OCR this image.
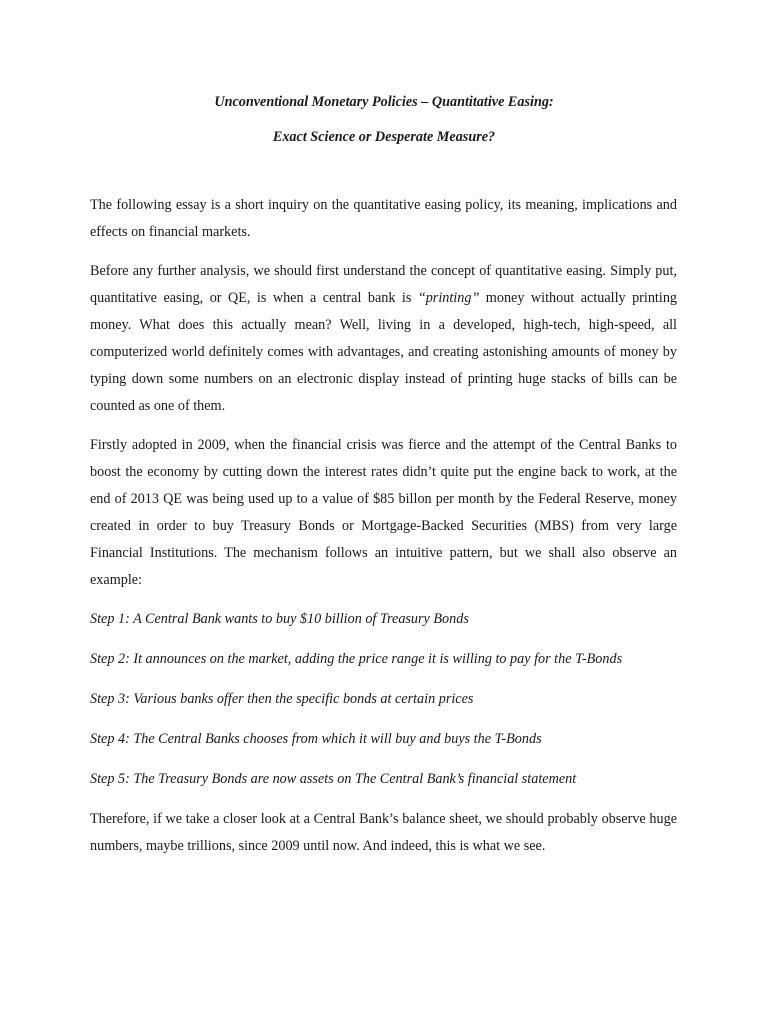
Unconventional Monetary Policies – Quantitative Easing:

Exact Science or Desperate Measure?

The following essay is a short inquiry on the quantitative easing policy, its meaning, implications and effects on financial markets.

Before any further analysis, we should first understand the concept of quantitative easing. Simply put, quantitative easing, or QE, is when a central bank is “printing” money without actually printing money. What does this actually mean? Well, living in a developed, high-tech, high-speed, all computerized world definitely comes with advantages, and creating astonishing amounts of money by typing down some numbers on an electronic display instead of printing huge stacks of bills can be counted as one of them.

Firstly adopted in 2009, when the financial crisis was fierce and the attempt of the Central Banks to boost the economy by cutting down the interest rates didn’t quite put the engine back to work, at the end of 2013 QE was being used up to a value of $85 billon per month by the Federal Reserve, money created in order to buy Treasury Bonds or Mortgage-Backed Securities (MBS) from very large Financial Institutions. The mechanism follows an intuitive pattern, but we shall also observe an example:

Step 1: A Central Bank wants to buy $10 billion of Treasury Bonds

Step 2: It announces on the market, adding the price range it is willing to pay for the T-Bonds

Step 3: Various banks offer then the specific bonds at certain prices

Step 4: The Central Banks chooses from which it will buy and buys the T-Bonds

Step 5: The Treasury Bonds are now assets on The Central Bank’s financial statement

Therefore, if we take a closer look at a Central Bank’s balance sheet, we should probably observe huge numbers, maybe trillions, since 2009 until now. And indeed, this is what we see.
